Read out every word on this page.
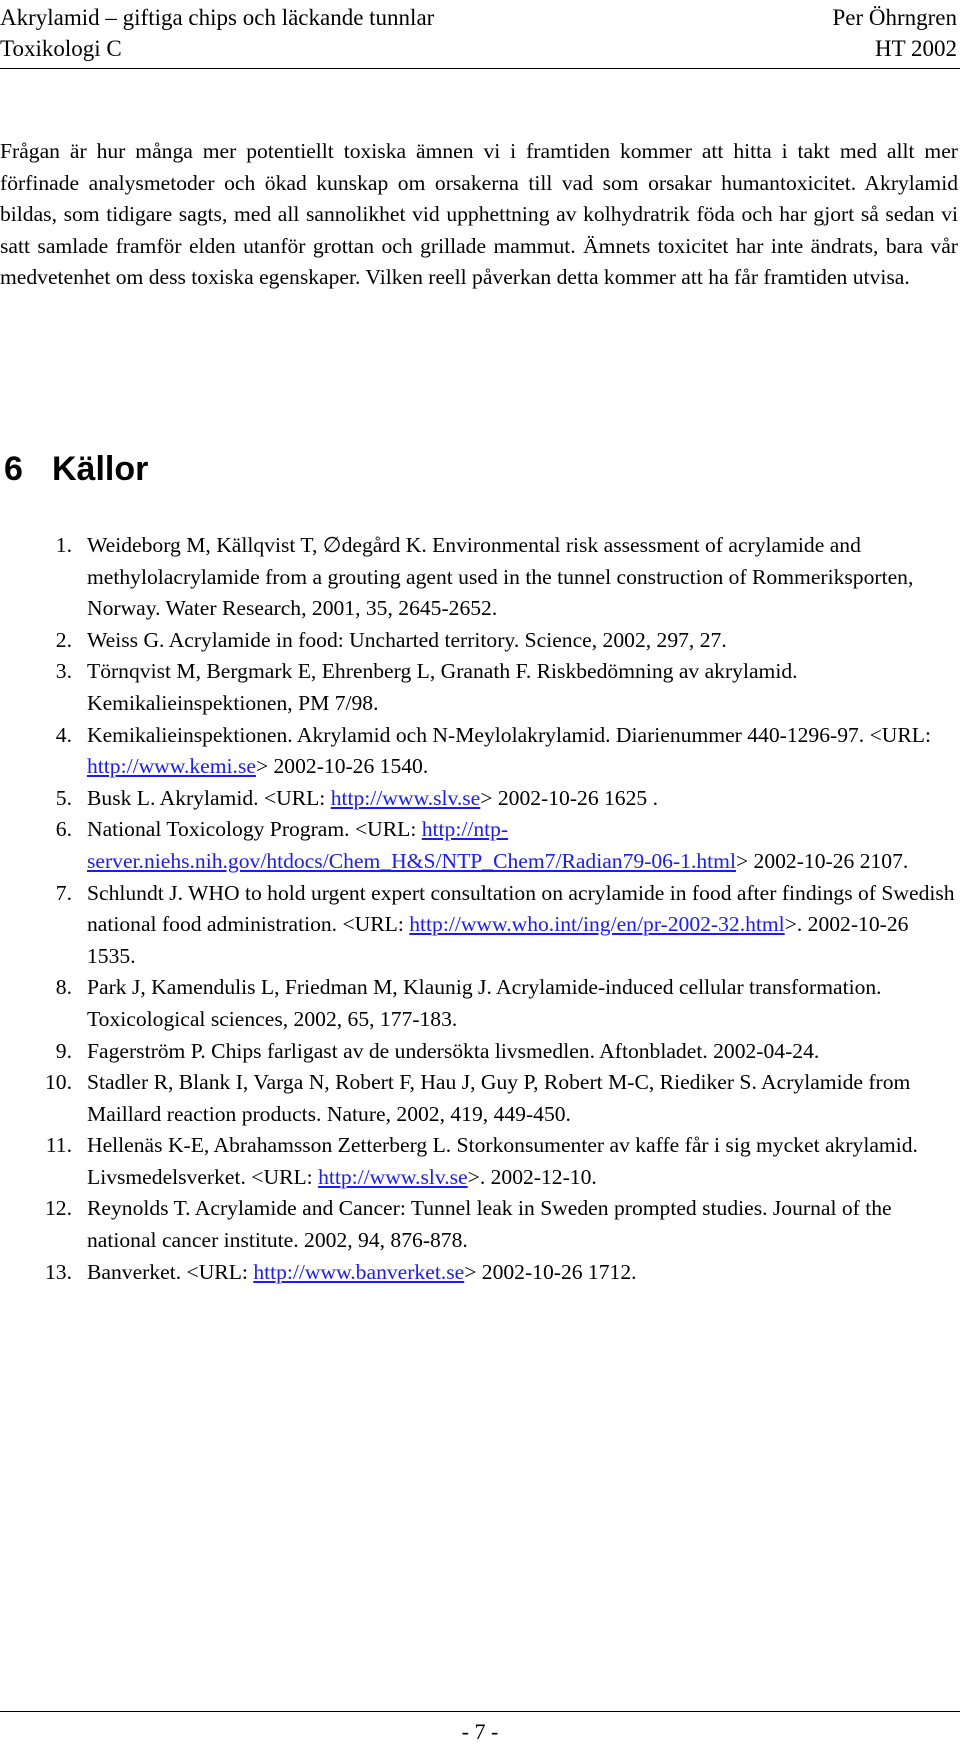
Akrylamid – giftiga chips och läckande tunnlar	Per Öhrngren
Toxikologi C	HT 2002

Frågan är hur många mer potentiellt toxiska ämnen vi i framtiden kommer att hitta i takt med allt mer förfinade analysmetoder och ökad kunskap om orsakerna till vad som orsakar humantoxicitet. Akrylamid bildas, som tidigare sagts, med all sannolikhet vid upphettning av kolhydratrik föda och har gjort så sedan vi satt samlade framför elden utanför grottan och grillade mammut. Ämnets toxicitet har inte ändrats, bara vår medvetenhet om dess toxiska egenskaper. Vilken reell påverkan detta kommer att ha får framtiden utvisa.

6 Källor
1. Weideborg M, Källqvist T, ∅degård K. Environmental risk assessment of acrylamide and methylolacrylamide from a grouting agent used in the tunnel construction of Rommeriksporten, Norway. Water Research, 2001, 35, 2645-2652.
2. Weiss G. Acrylamide in food: Uncharted territory. Science, 2002, 297, 27.
3. Törnqvist M, Bergmark E, Ehrenberg L, Granath F. Riskbedömning av akrylamid. Kemikalieinspektionen, PM 7/98.
4. Kemikalieinspektionen. Akrylamid och N-Meylolakrylamid. Diarienummer 440-1296-97. <URL: http://www.kemi.se> 2002-10-26 1540.
5. Busk L. Akrylamid. <URL: http://www.slv.se> 2002-10-26 1625 .
6. National Toxicology Program. <URL: http://ntp-server.niehs.nih.gov/htdocs/Chem_H&S/NTP_Chem7/Radian79-06-1.html> 2002-10-26 2107.
7. Schlundt J. WHO to hold urgent expert consultation on acrylamide in food after findings of Swedish national food administration. <URL: http://www.who.int/ing/en/pr-2002-32.html>. 2002-10-26 1535.
8. Park J, Kamendulis L, Friedman M, Klaunig J. Acrylamide-induced cellular transformation. Toxicological sciences, 2002, 65, 177-183.
9. Fagerström P. Chips farligast av de undersökta livsmedlen. Aftonbladet. 2002-04-24.
10. Stadler R, Blank I, Varga N, Robert F, Hau J, Guy P, Robert M-C, Riediker S. Acrylamide from Maillard reaction products. Nature, 2002, 419, 449-450.
11. Hellenäs K-E, Abrahamsson Zetterberg L. Storkonsumenter av kaffe får i sig mycket akrylamid. Livsmedelsverket. <URL: http://www.slv.se>. 2002-12-10.
12. Reynolds T. Acrylamide and Cancer: Tunnel leak in Sweden prompted studies. Journal of the national cancer institute. 2002, 94, 876-878.
13. Banverket. <URL: http://www.banverket.se> 2002-10-26 1712.
- 7 -
